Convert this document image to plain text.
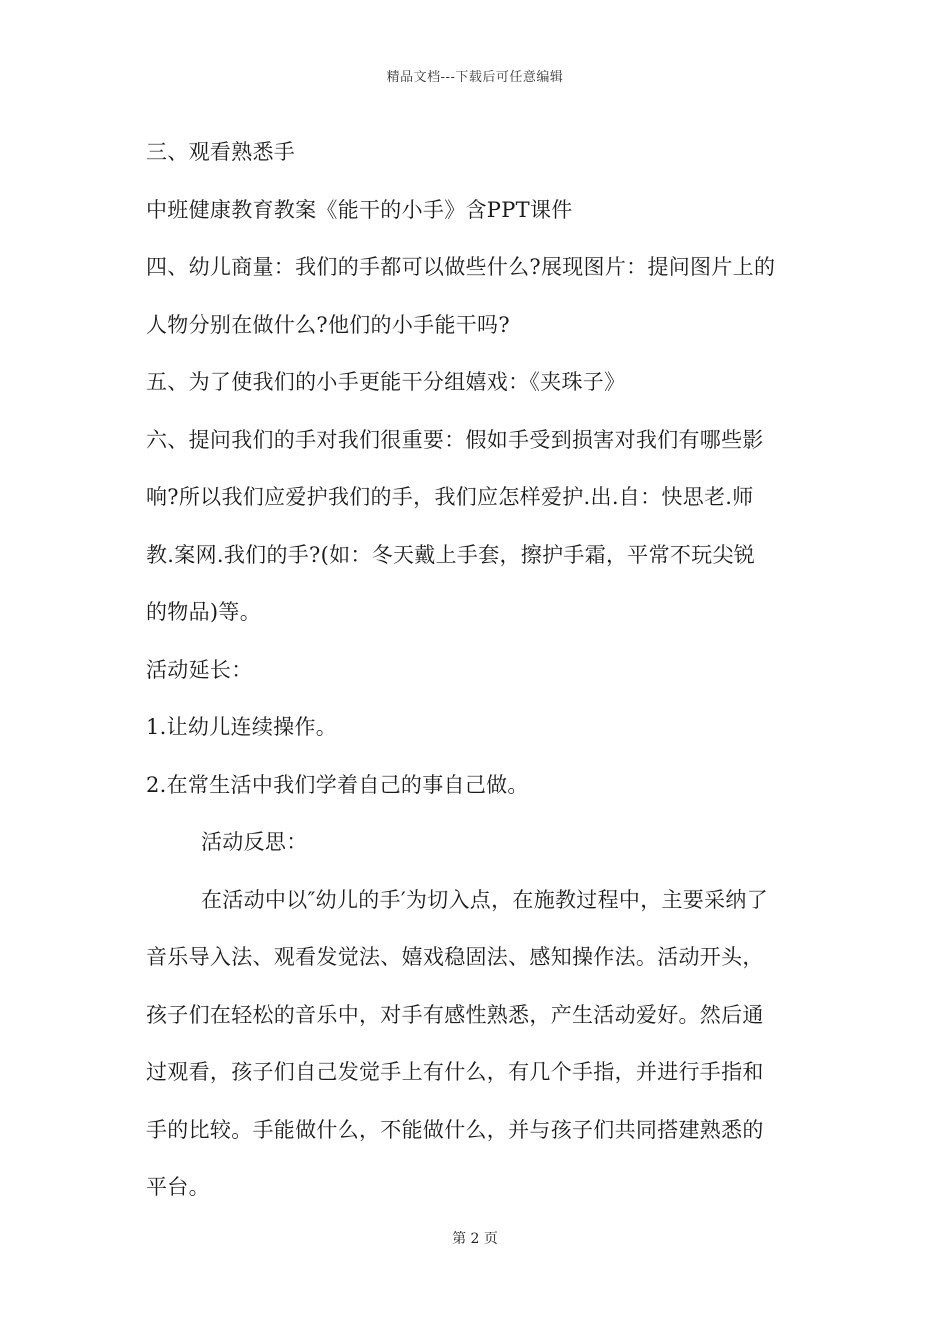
精品文档---下载后可任意编辑
三、观看熟悉手
中班健康教育教案《能干的小手》含PPT课件
四、幼儿商量：我们的手都可以做些什么?展现图片：提问图片上的
人物分别在做什么?他们的小手能干吗?
五、为了使我们的小手更能干分组嬉戏：《夹珠子》
六、提问我们的手对我们很重要：假如手受到损害对我们有哪些影
响?所以我们应爱护我们的手，我们应怎样爱护.出.自：快思老.师
教.案网.我们的手?(如：冬天戴上手套，擦护手霜，平常不玩尖锐
的物品)等。
活动延长：
1.让幼儿连续操作。
2.在常生活中我们学着自己的事自己做。
活动反思：
在活动中以″幼儿的手′为切入点，在施教过程中，主要采纳了
音乐导入法、观看发觉法、嬉戏稳固法、感知操作法。活动开头，
孩子们在轻松的音乐中，对手有感性熟悉，产生活动爱好。然后通
过观看，孩子们自己发觉手上有什么，有几个手指，并进行手指和
手的比较。手能做什么，不能做什么，并与孩子们共同搭建熟悉的
平台。
第 2 页
